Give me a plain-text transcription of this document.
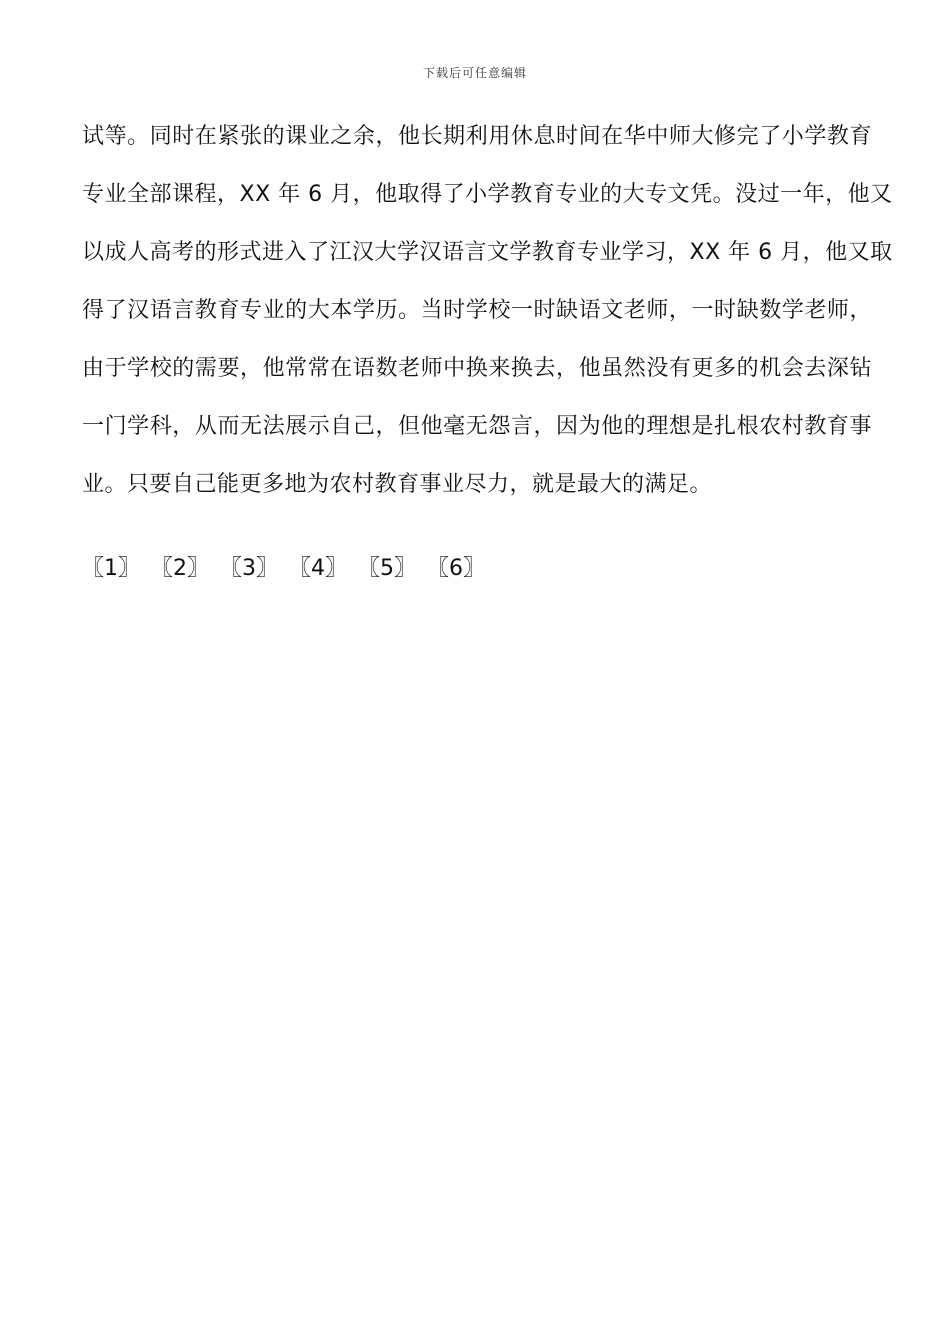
下载后可任意编辑
试等。同时在紧张的课业之余，他长期利用休息时间在华中师大修完了小学教育
专业全部课程，XX 年 6 月，他取得了小学教育专业的大专文凭。没过一年，他又
以成人高考的形式进入了江汉大学汉语言文学教育专业学习，XX 年 6 月，他又取
得了汉语言教育专业的大本学历。当时学校一时缺语文老师，一时缺数学老师，
由于学校的需要，他常常在语数老师中换来换去，他虽然没有更多的机会去深钻
一门学科，从而无法展示自己，但他毫无怨言，因为他的理想是扎根农村教育事
业。只要自己能更多地为农村教育事业尽力，就是最大的满足。
〖1〗 〖2〗 〖3〗 〖4〗 〖5〗 〖6〗
